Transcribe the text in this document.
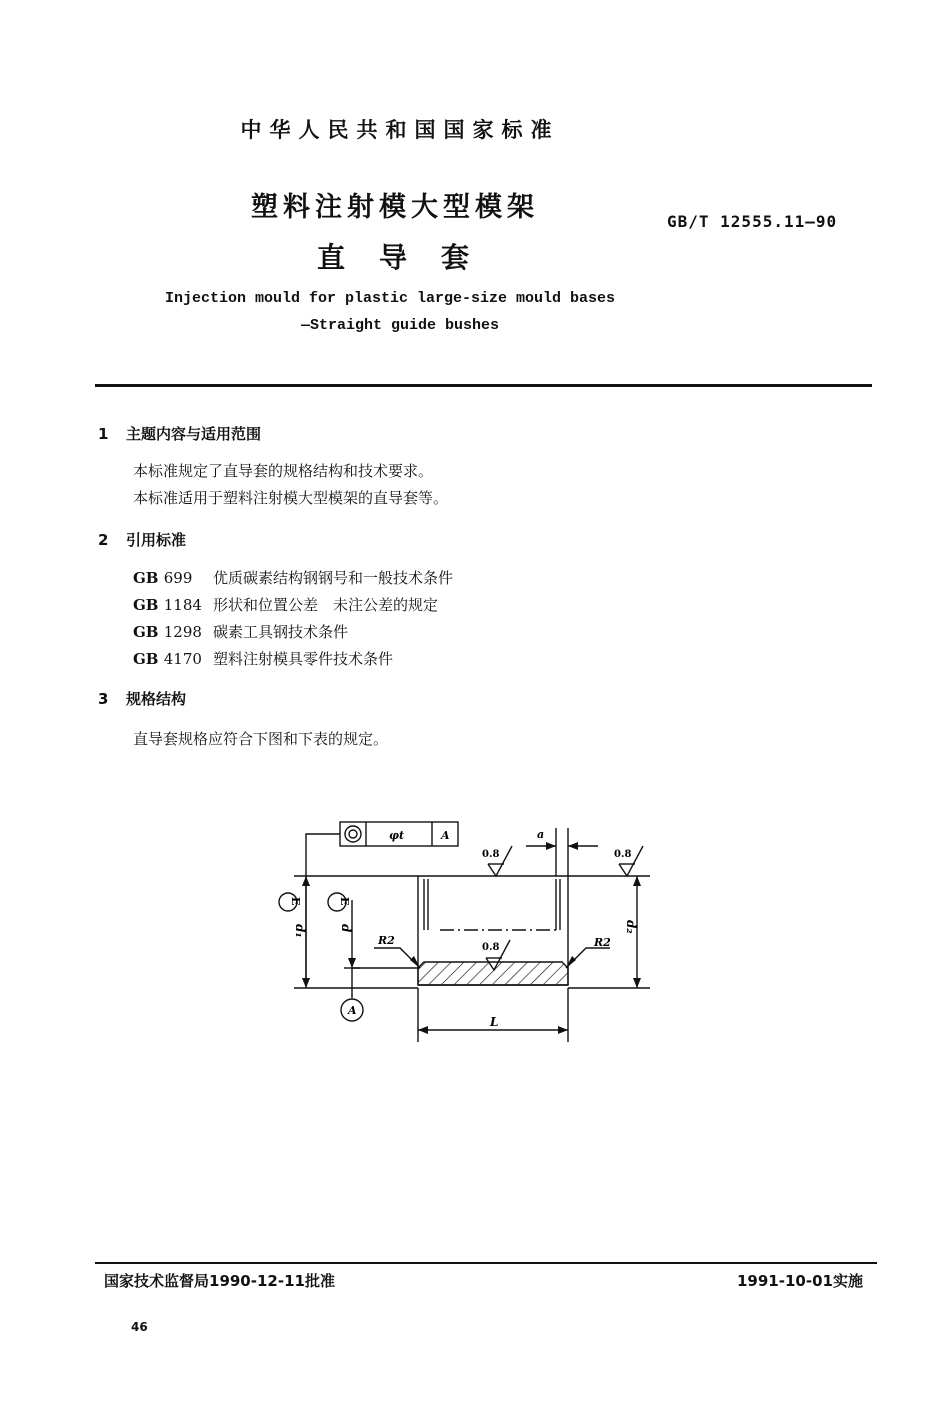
中华人民共和国国家标准
塑料注射模大型模架
直导套
GB/T 12555.11—90
Injection mould for plastic large-size mould bases
—Straight guide bushes
1 主题内容与适用范围
本标准规定了直导套的规格结构和技术要求。
本标准适用于塑料注射模大型模架的直导套等。
2 引用标准
GB 699 优质碳素结构钢钢号和一般技术条件
GB 1184 形状和位置公差　未注公差的规定
GB 1298 碳素工具钢技术条件
GB 4170 塑料注射模具零件技术条件
3 规格结构
直导套规格应符合下图和下表的规定。
φt	A
0.8	0.8
0.8
a
R2	R2
L
A
E	E
d₁	d	d₂
国家技术监督局1990-12-11批准	1991-10-01实施
46
